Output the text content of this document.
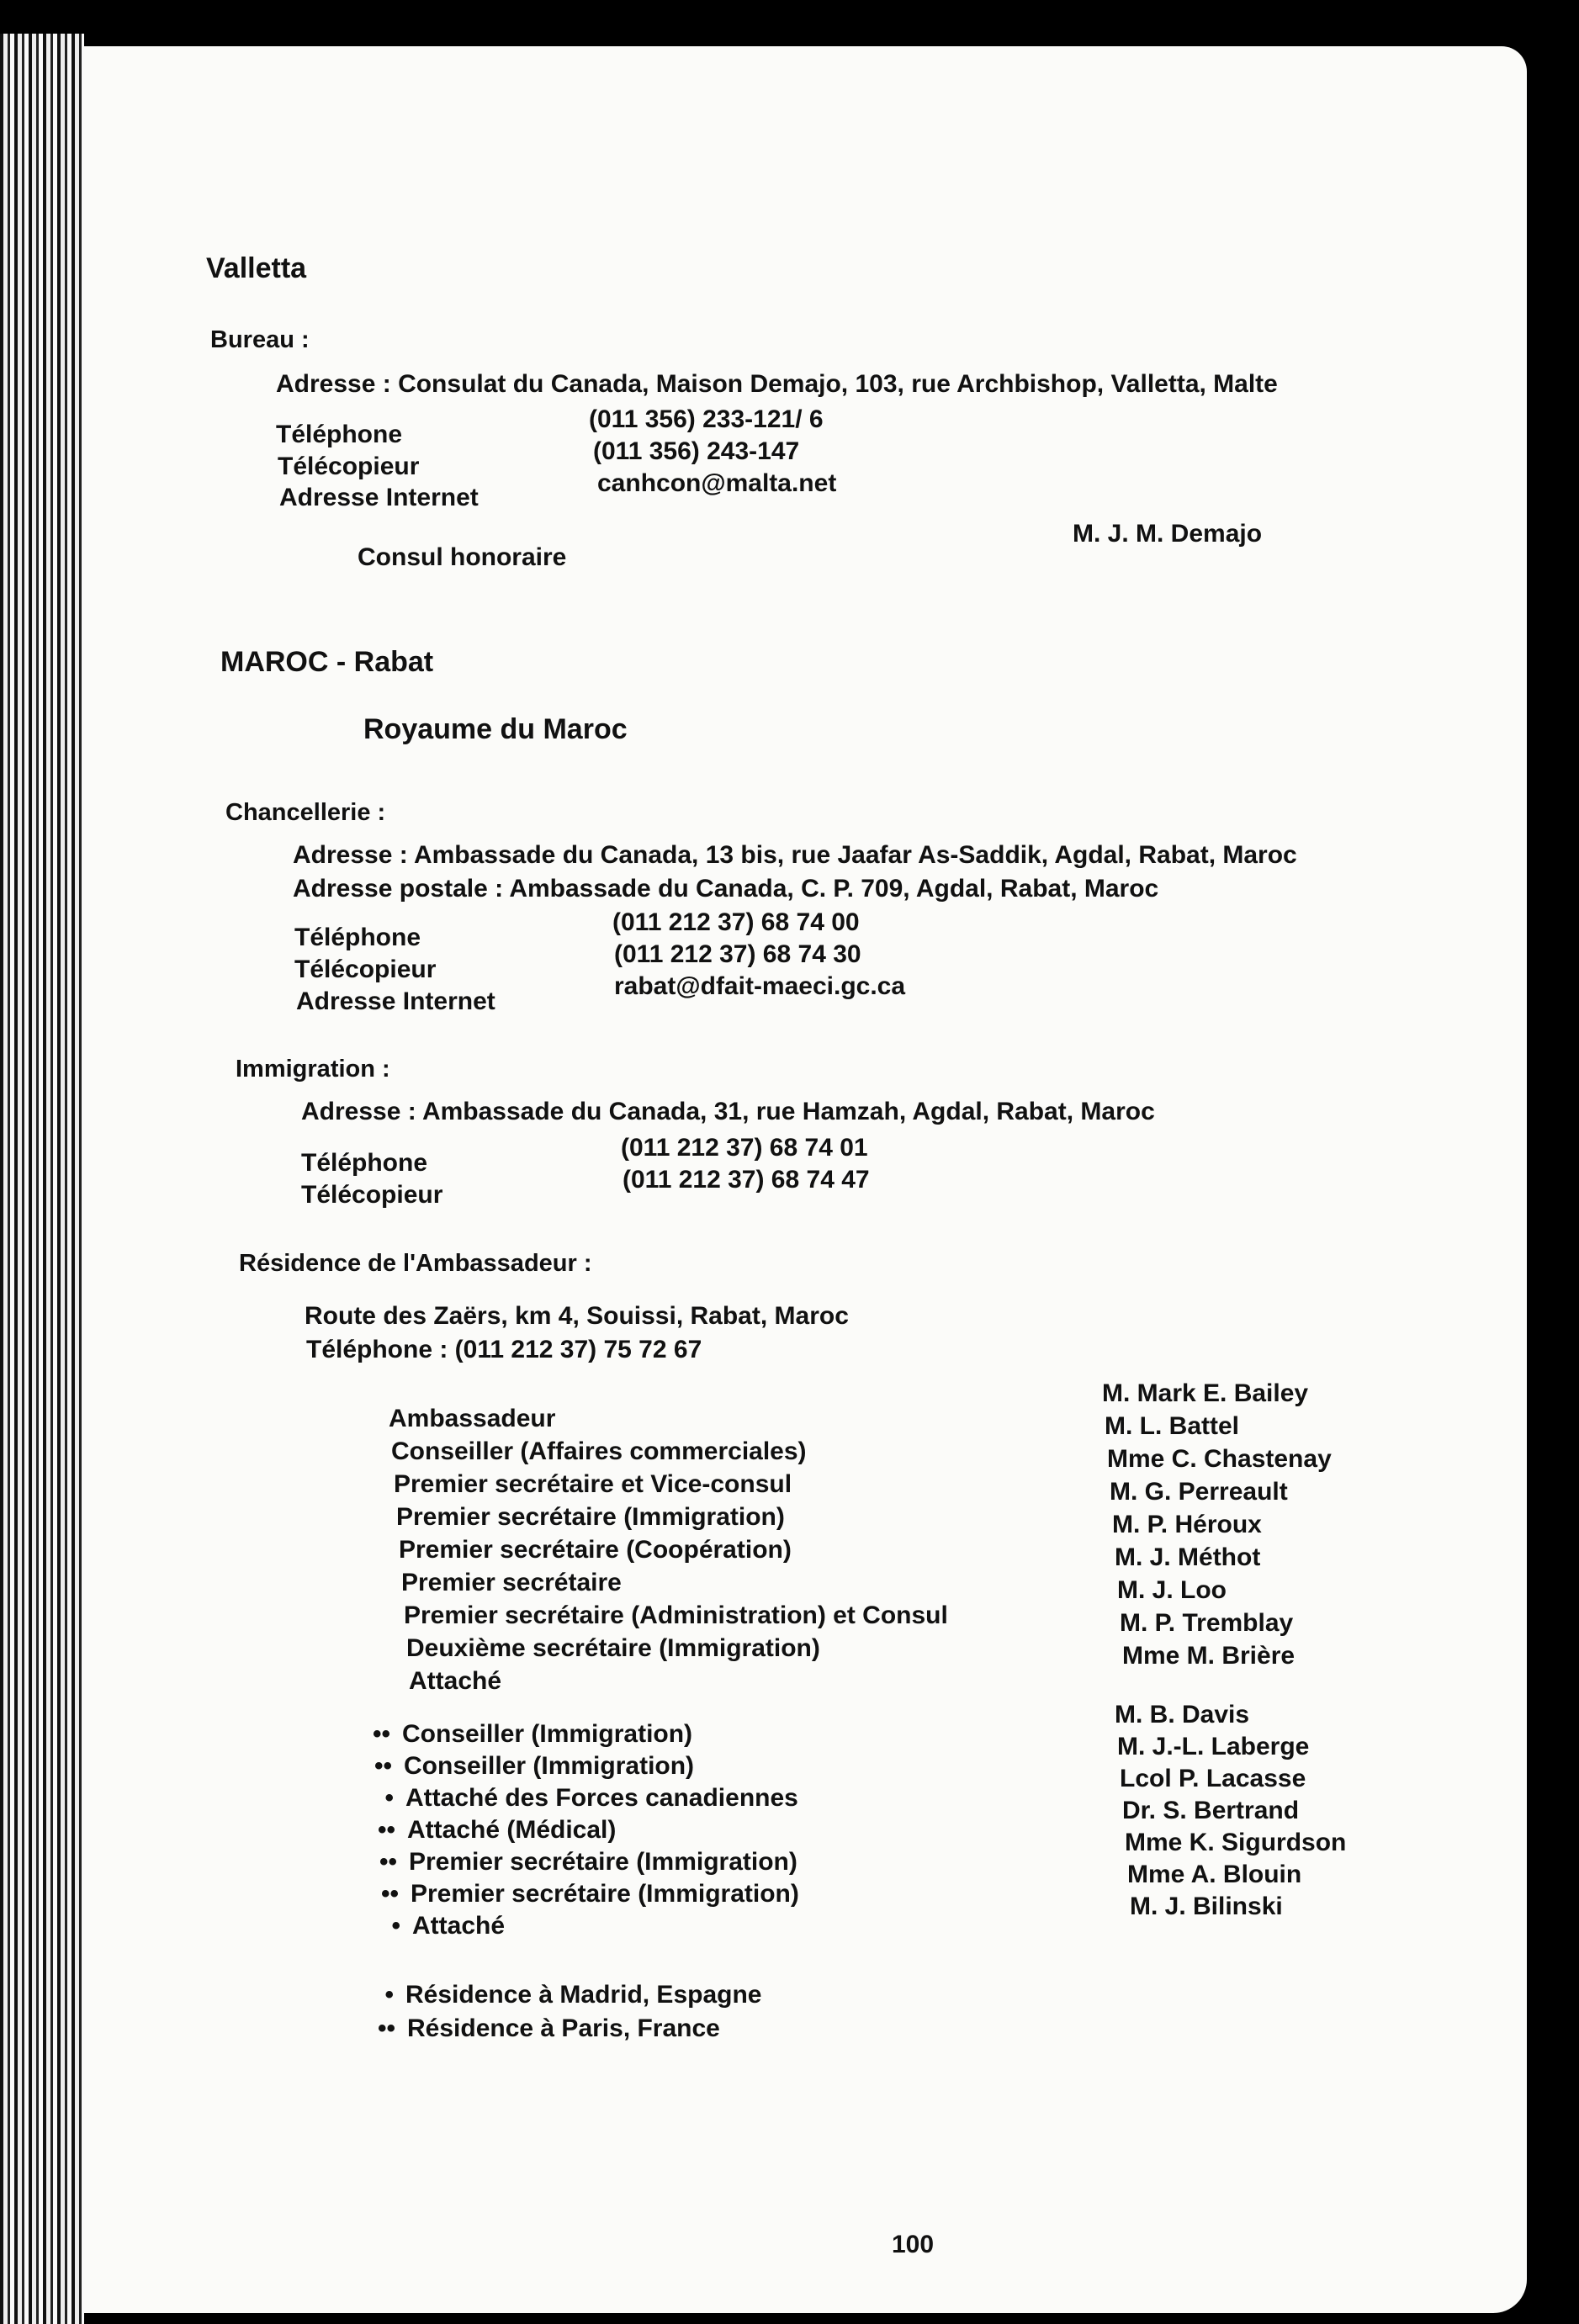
Valletta
Bureau :
Adresse : Consulat du Canada, Maison Demajo, 103, rue Archbishop, Valletta, Malte
Téléphone
(011 356) 233-121/ 6
Télécopieur
(011 356) 243-147
Adresse Internet
canhcon@malta.net
Consul honoraire
M. J. M. Demajo
MAROC - Rabat
Royaume du Maroc
Chancellerie :
Adresse : Ambassade du Canada, 13 bis, rue Jaafar As-Saddik, Agdal, Rabat, Maroc
Adresse postale : Ambassade du Canada, C. P. 709, Agdal, Rabat, Maroc
Téléphone
(011 212 37) 68 74 00
Télécopieur
(011 212 37) 68 74 30
Adresse Internet
rabat@dfait-maeci.gc.ca
Immigration :
Adresse : Ambassade du Canada, 31, rue Hamzah, Agdal, Rabat, Maroc
Téléphone
(011 212 37) 68 74 01
Télécopieur
(011 212 37) 68 74 47
Résidence de l'Ambassadeur :
Route des Zaërs, km 4, Souissi, Rabat, Maroc
Téléphone : (011 212 37) 75 72 67
100
Ambassadeur
M. Mark E. Bailey
Conseiller (Affaires commerciales)
M. L. Battel
Premier secrétaire et Vice-consul
Mme C. Chastenay
Premier secrétaire (Immigration)
M. G. Perreault
Premier secrétaire (Coopération)
M. P. Héroux
Premier secrétaire
M. J. Méthot
Premier secrétaire (Administration) et Consul
M. J. Loo
Deuxième secrétaire (Immigration)
M. P. Tremblay
Attaché
Mme M. Brière
•• Conseiller (Immigration)
M. B. Davis
•• Conseiller (Immigration)
M. J.-L. Laberge
• Attaché des Forces canadiennes
Lcol P. Lacasse
•• Attaché (Médical)
Dr. S. Bertrand
•• Premier secrétaire (Immigration)
Mme K. Sigurdson
•• Premier secrétaire (Immigration)
Mme A. Blouin
• Attaché
M. J. Bilinski
• Résidence à Madrid, Espagne
•• Résidence à Paris, France
